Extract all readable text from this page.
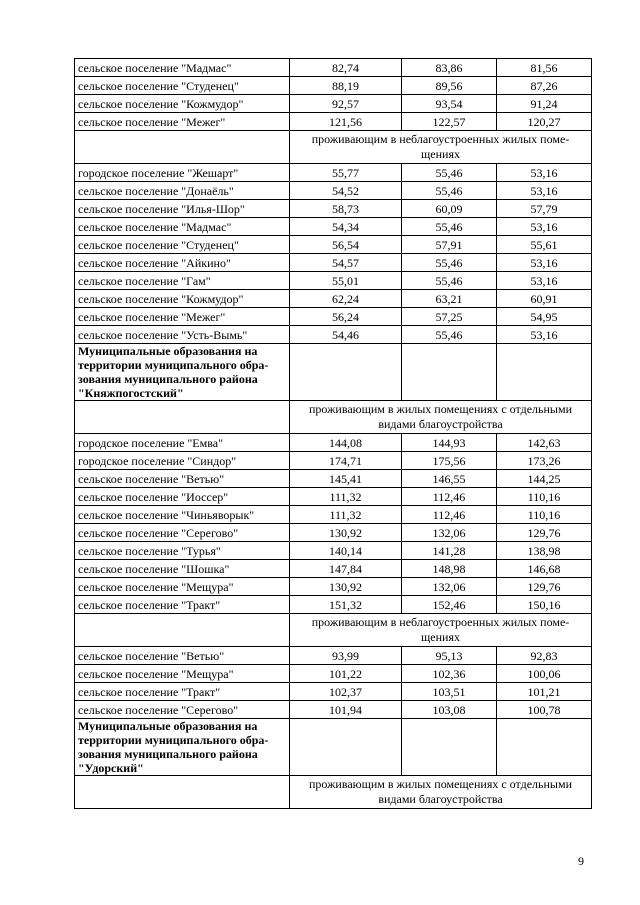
сельское поселение "Мадмас"	82,74	83,86	81,56
сельское поселение "Студенец"	88,19	89,56	87,26
сельское поселение "Кожмудор"	92,57	93,54	91,24
сельское поселение "Межег"	121,56	122,57	120,27
	проживающим в неблагоустроенных жилых поме-щениях		
городское поселение "Жешарт"	55,77	55,46	53,16
сельское поселение "Донаёль"	54,52	55,46	53,16
сельское поселение "Илья-Шор"	58,73	60,09	57,79
сельское поселение "Мадмас"	54,34	55,46	53,16
сельское поселение "Студенец"	56,54	57,91	55,61
сельское поселение "Айкино"	54,57	55,46	53,16
сельское поселение "Гам"	55,01	55,46	53,16
сельское поселение "Кожмудор"	62,24	63,21	60,91
сельское поселение "Межег"	56,24	57,25	54,95
сельское поселение "Усть-Вымь"	54,46	55,46	53,16
Муниципальные образования на территории муниципального обра-зования муниципального района "Княжпогостский"			
	проживающим в жилых помещениях с отдельными видами благоустройства		
городское поселение "Емва"	144,08	144,93	142,63
городское поселение "Синдор"	174,71	175,56	173,26
сельское поселение "Ветью"	145,41	146,55	144,25
сельское поселение "Иоссер"	111,32	112,46	110,16
сельское поселение "Чиньяворык"	111,32	112,46	110,16
сельское поселение "Серегово"	130,92	132,06	129,76
сельское поселение "Турья"	140,14	141,28	138,98
сельское поселение "Шошка"	147,84	148,98	146,68
сельское поселение "Мещура"	130,92	132,06	129,76
сельское поселение "Тракт"	151,32	152,46	150,16
	проживающим в неблагоустроенных жилых поме-щениях		
сельское поселение "Ветью"	93,99	95,13	92,83
сельское поселение "Мещура"	101,22	102,36	100,06
сельское поселение "Тракт"	102,37	103,51	101,21
сельское поселение "Серегово"	101,94	103,08	100,78
Муниципальные образования на территории муниципального обра-зования муниципального района "Удорский"			
	проживающим в жилых помещениях с отдельными видами благоустройства		
9
